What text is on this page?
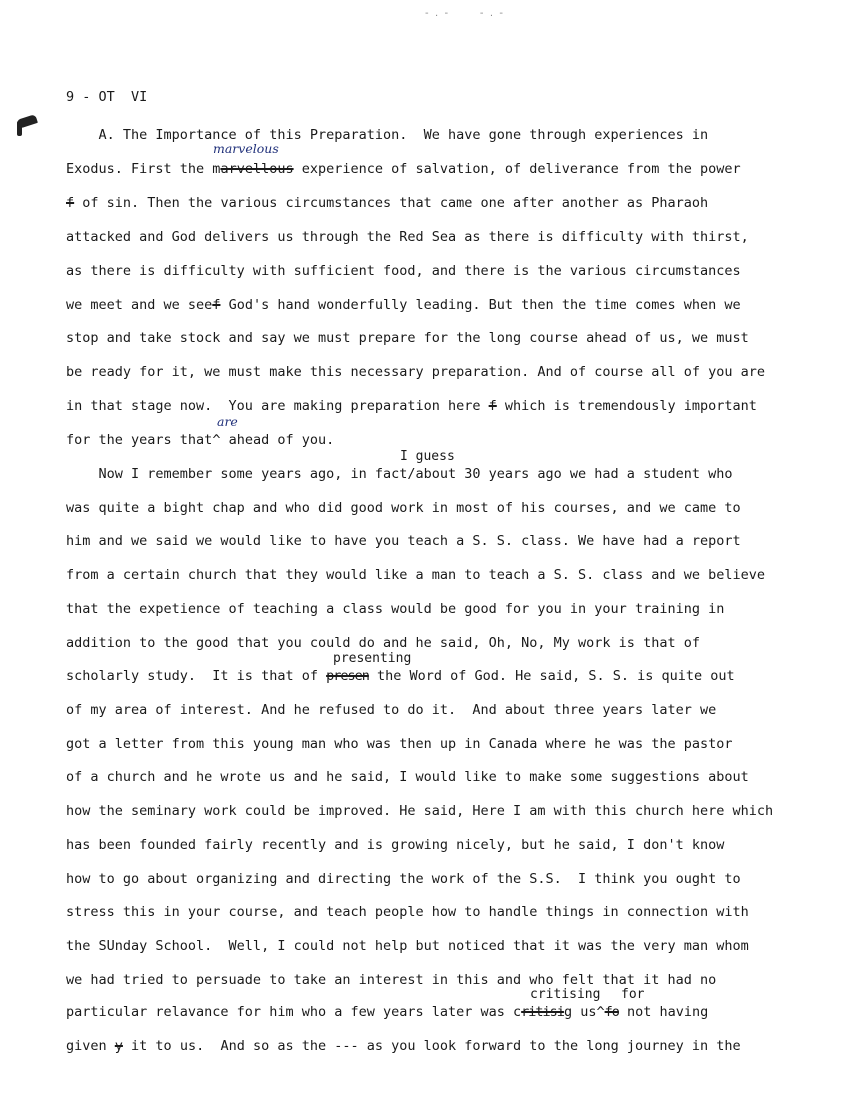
-  .  -          -  .  -
9 - OT  VI
A. The Importance of this Preparation.  We have gone through experiences in
marvelous
Exodus. First the marvellous experience of salvation, of deliverance from the power
f of sin. Then the various circumstances that came one after another as Pharaoh
attacked and God delivers us through the Red Sea as there is difficulty with thirst,
as there is difficulty with sufficient food, and there is the various circumstances
we meet and we seef God's hand wonderfully leading. But then the time comes when we
stop and take stock and say we must prepare for the long course ahead of us, we must
be ready for it, we must make this necessary preparation. And of course all of you are
in that stage now.  You are making preparation here f which is tremendously important
are
for the years that^ ahead of you.
I guess
Now I remember some years ago, in fact/about 30 years ago we had a student who
was quite a bight chap and who did good work in most of his courses, and we came to
him and we said we would like to have you teach a S. S. class. We have had a report
from a certain church that they would like a man to teach a S. S. class and we believe
that the expetience of teaching a class would be good for you in your training in
addition to the good that you could do and he said, Oh, No, My work is that of
presenting
scholarly study.  It is that of presen the Word of God. He said, S. S. is quite out
of my area of interest. And he refused to do it.  And about three years later we
got a letter from this young man who was then up in Canada where he was the pastor
of a church and he wrote us and he said, I would like to make some suggestions about
how the seminary work could be improved. He said, Here I am with this church here which
has been founded fairly recently and is growing nicely, but he said, I don't know
how to go about organizing and directing the work of the S.S.  I think you ought to
stress this in your course, and teach people how to handle things in connection with
the SUnday School.  Well, I could not help but noticed that it was the very man whom
we had tried to persuade to take an interest in this and who felt that it had no
critising for
particular relavance for him who a few years later was critisig us^fo not having
given y it to us.  And so as the --- as you look forward to the long journey in the
